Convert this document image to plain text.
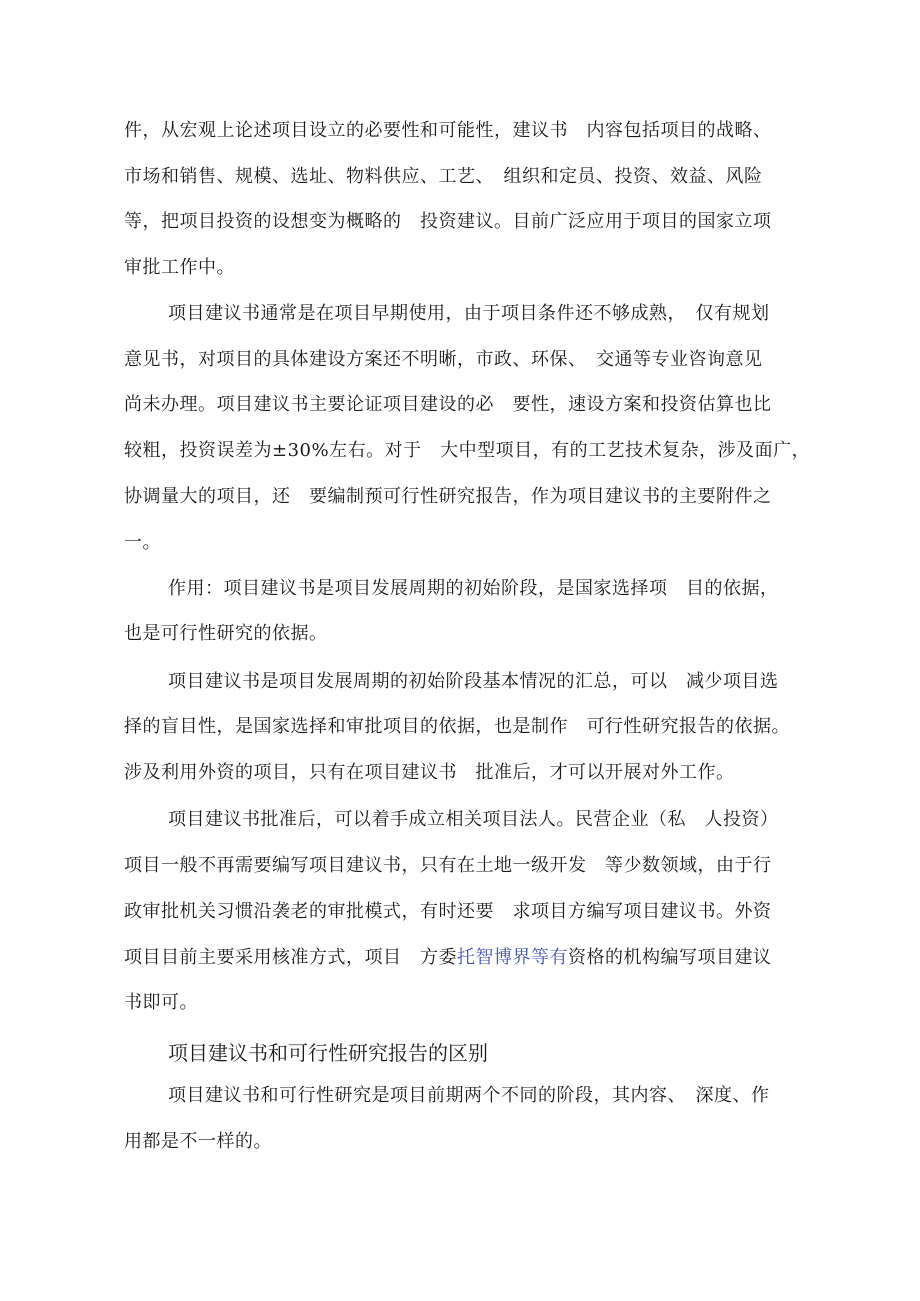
件，从宏观上论述项目设立的必要性和可能性，建议书　内容包括项目的战略、
市场和销售、规模、选址、物料供应、工艺、　组织和定员、投资、效益、风险
等，把项目投资的设想变为概略的　投资建议。目前广泛应用于项目的国家立项
审批工作中。
项目建议书通常是在项目早期使用，由于项目条件还不够成熟，　仅有规划
意见书，对项目的具体建设方案还不明晰，市政、环保、　交通等专业咨询意见
尚未办理。项目建议书主要论证项目建设的必　要性，速设方案和投资估算也比
较粗，投资误差为±30%左右。对于　大中型项目，有的工艺技术复杂，涉及面广，
协调量大的项目，还　要编制预可行性研究报告，作为项目建议书的主要附件之
一。
作用：项目建议书是项目发展周期的初始阶段，是国家选择项　目的依据，
也是可行性研究的依据。
项目建议书是项目发展周期的初始阶段基本情况的汇总，可以　减少项目选
择的盲目性，是国家选择和审批项目的依据，也是制作　可行性研究报告的依据。
涉及利用外资的项目，只有在项目建议书　批准后，才可以开展对外工作。
项目建议书批准后，可以着手成立相关项目法人。民营企业（私　人投资）
项目一般不再需要编写项目建议书，只有在土地一级开发　等少数领域，由于行
政审批机关习惯沿袭老的审批模式，有时还要　求项目方编写项目建议书。外资
项目目前主要采用核准方式，项目　方委托智博界等有资格的机构编写项目建议
书即可。
项目建议书和可行性研究报告的区别
项目建议书和可行性研究是项目前期两个不同的阶段，其内容、　深度、作
用都是不一样的。
